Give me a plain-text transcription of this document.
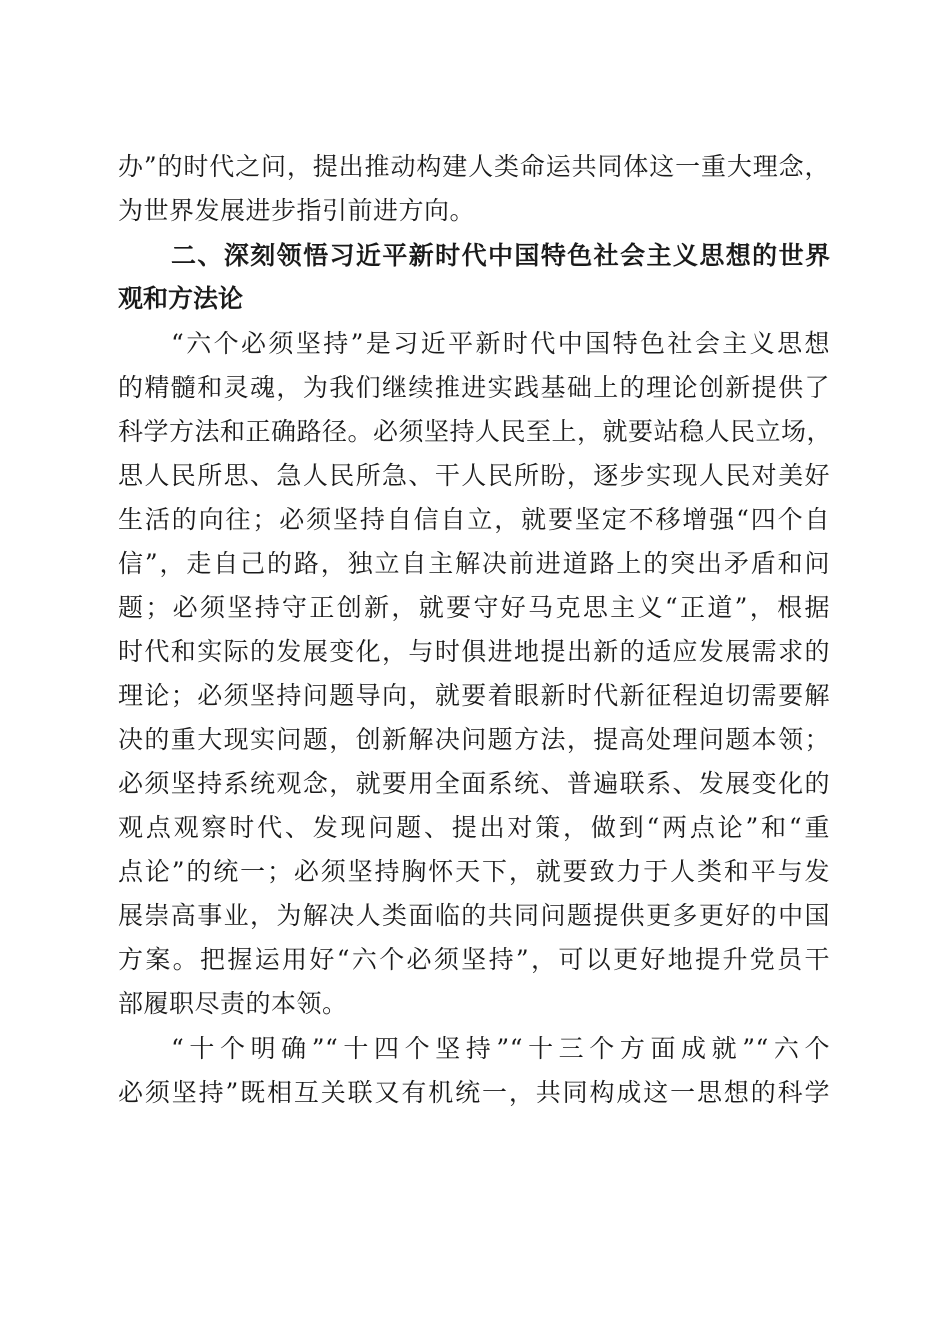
办”的时代之问，提出推动构建人类命运共同体这一重大理念，
为世界发展进步指引前进方向。
二、深刻领悟习近平新时代中国特色社会主义思想的世界
观和方法论
“六个必须坚持”是习近平新时代中国特色社会主义思想
的精髓和灵魂，为我们继续推进实践基础上的理论创新提供了
科学方法和正确路径。必须坚持人民至上，就要站稳人民立场，
思人民所思、急人民所急、干人民所盼，逐步实现人民对美好
生活的向往；必须坚持自信自立，就要坚定不移增强“四个自
信”，走自己的路，独立自主解决前进道路上的突出矛盾和问
题；必须坚持守正创新，就要守好马克思主义“正道”，根据
时代和实际的发展变化，与时俱进地提出新的适应发展需求的
理论；必须坚持问题导向，就要着眼新时代新征程迫切需要解
决的重大现实问题，创新解决问题方法，提高处理问题本领；
必须坚持系统观念，就要用全面系统、普遍联系、发展变化的
观点观察时代、发现问题、提出对策，做到“两点论”和“重
点论”的统一；必须坚持胸怀天下，就要致力于人类和平与发
展崇高事业，为解决人类面临的共同问题提供更多更好的中国
方案。把握运用好“六个必须坚持”，可以更好地提升党员干
部履职尽责的本领。
“十个明确”“十四个坚持”“十三个方面成就”“六个
必须坚持”既相互关联又有机统一，共同构成这一思想的科学
